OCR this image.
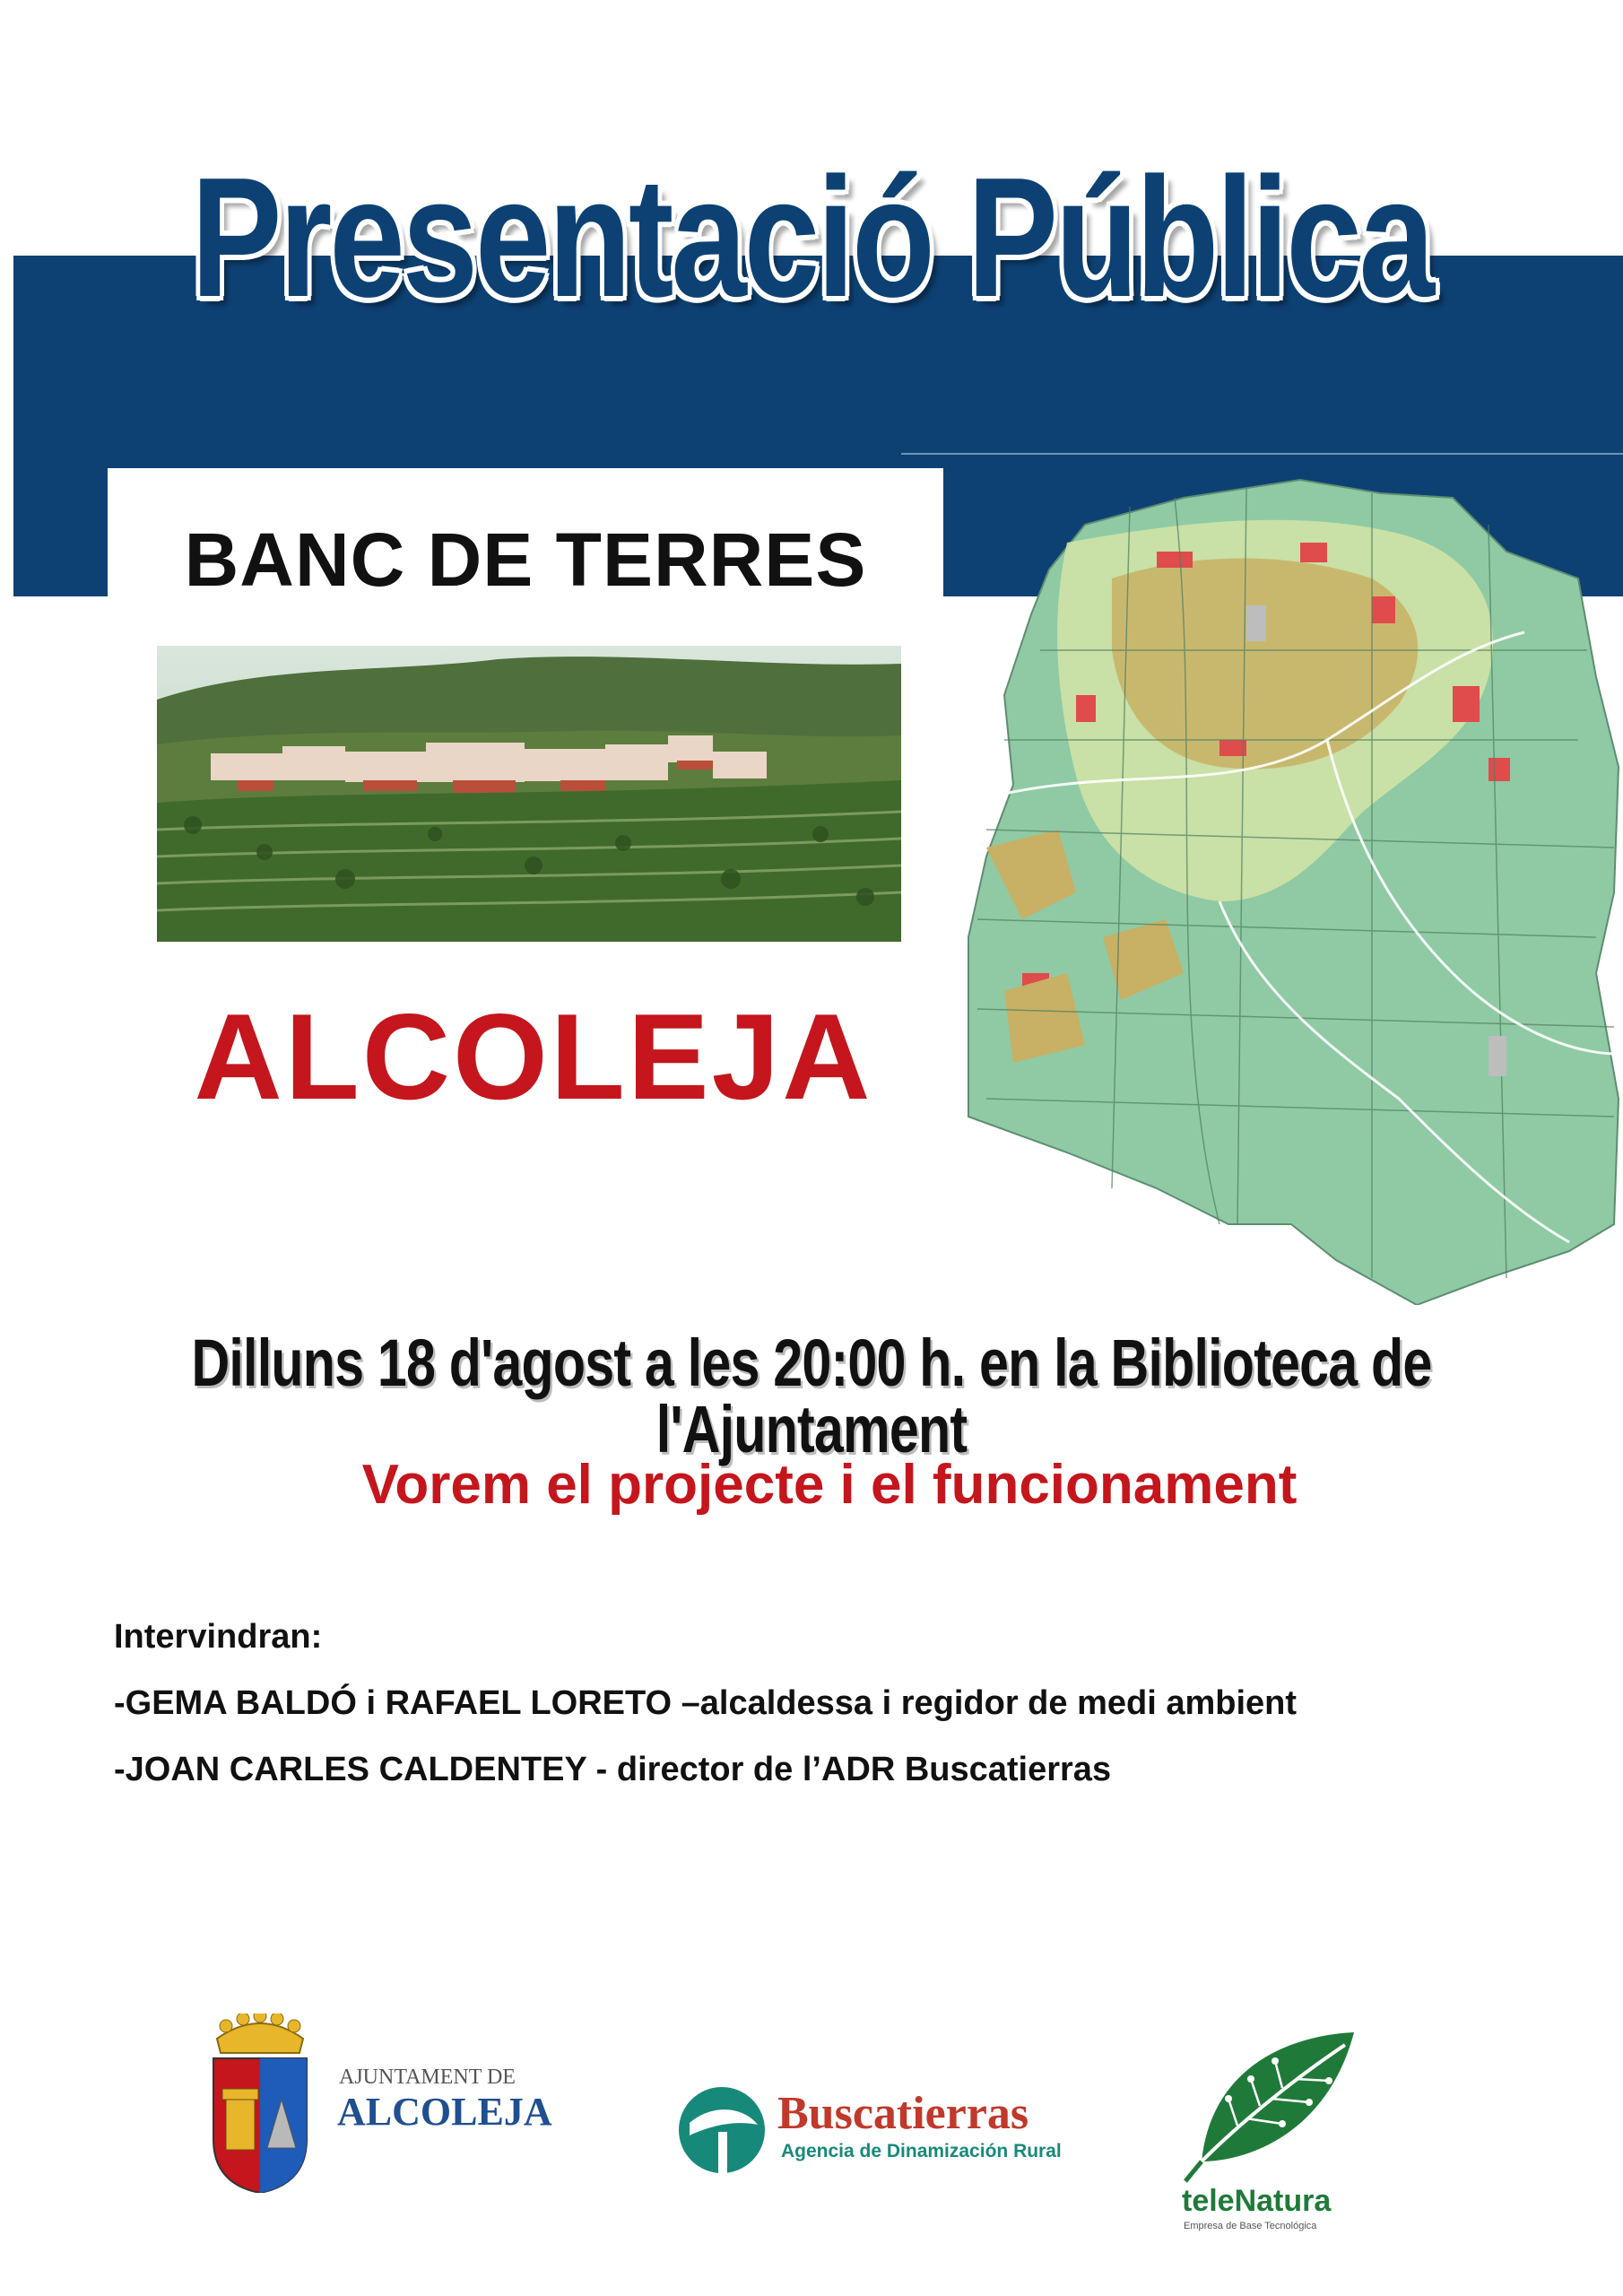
Presentació Pública
BANC DE TERRES
ALCOLEJA
Dilluns 18 d'agost a les 20:00 h. en la Biblioteca de l'Ajuntament
Vorem el projecte i el funcionament
Intervindran:
-GEMA BALDÓ i RAFAEL LORETO –alcaldessa i regidor de medi ambient
-JOAN CARLES CALDENTEY - director de l’ADR Buscatierras
AJUNTAMENT DE
ALCOLEJA	Buscatierras
Agencia de Dinamización Rural
teleNatura
Empresa de Base Tecnológica
